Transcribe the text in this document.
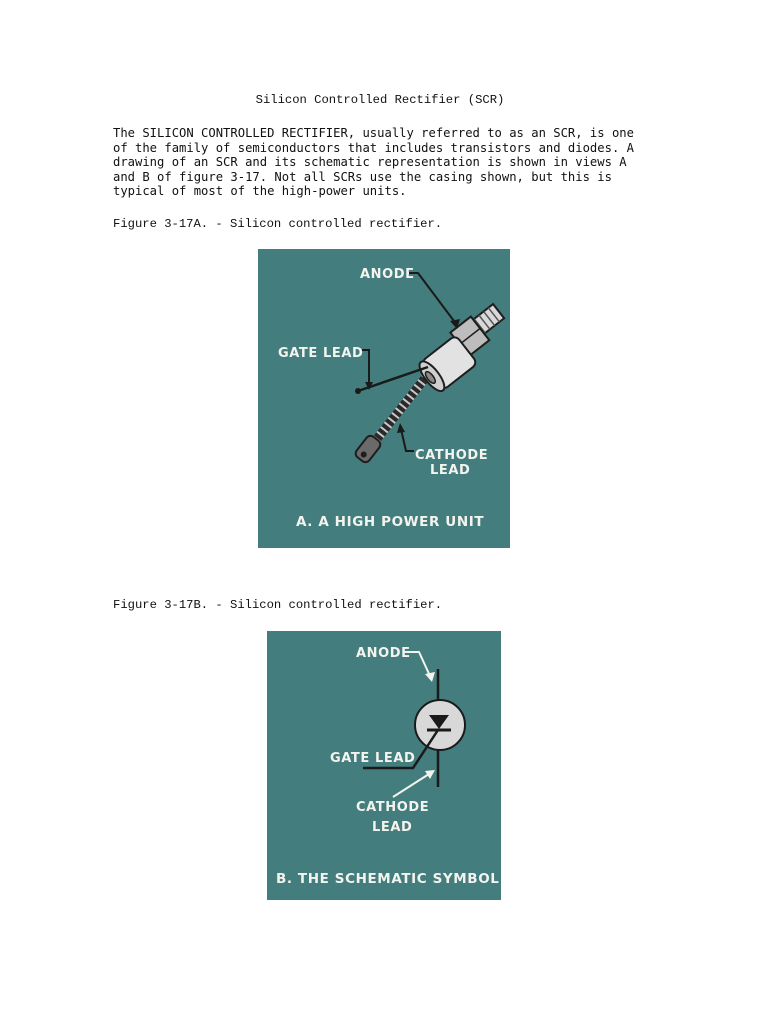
Silicon Controlled Rectifier (SCR)
The SILICON CONTROLLED RECTIFIER, usually referred to as an SCR, is one
of the family of semiconductors that includes transistors and diodes. A
drawing of an SCR and its schematic representation is shown in views A
and B of figure 3-17. Not all SCRs use the casing shown, but this is
typical of most of the high-power units.
Figure 3-17A. - Silicon controlled rectifier.
ANODE
GATE LEAD
CATHODE
LEAD
A. A HIGH POWER UNIT
Figure 3-17B. - Silicon controlled rectifier.
ANODE
GATE LEAD
CATHODE
LEAD
B. THE SCHEMATIC SYMBOL
